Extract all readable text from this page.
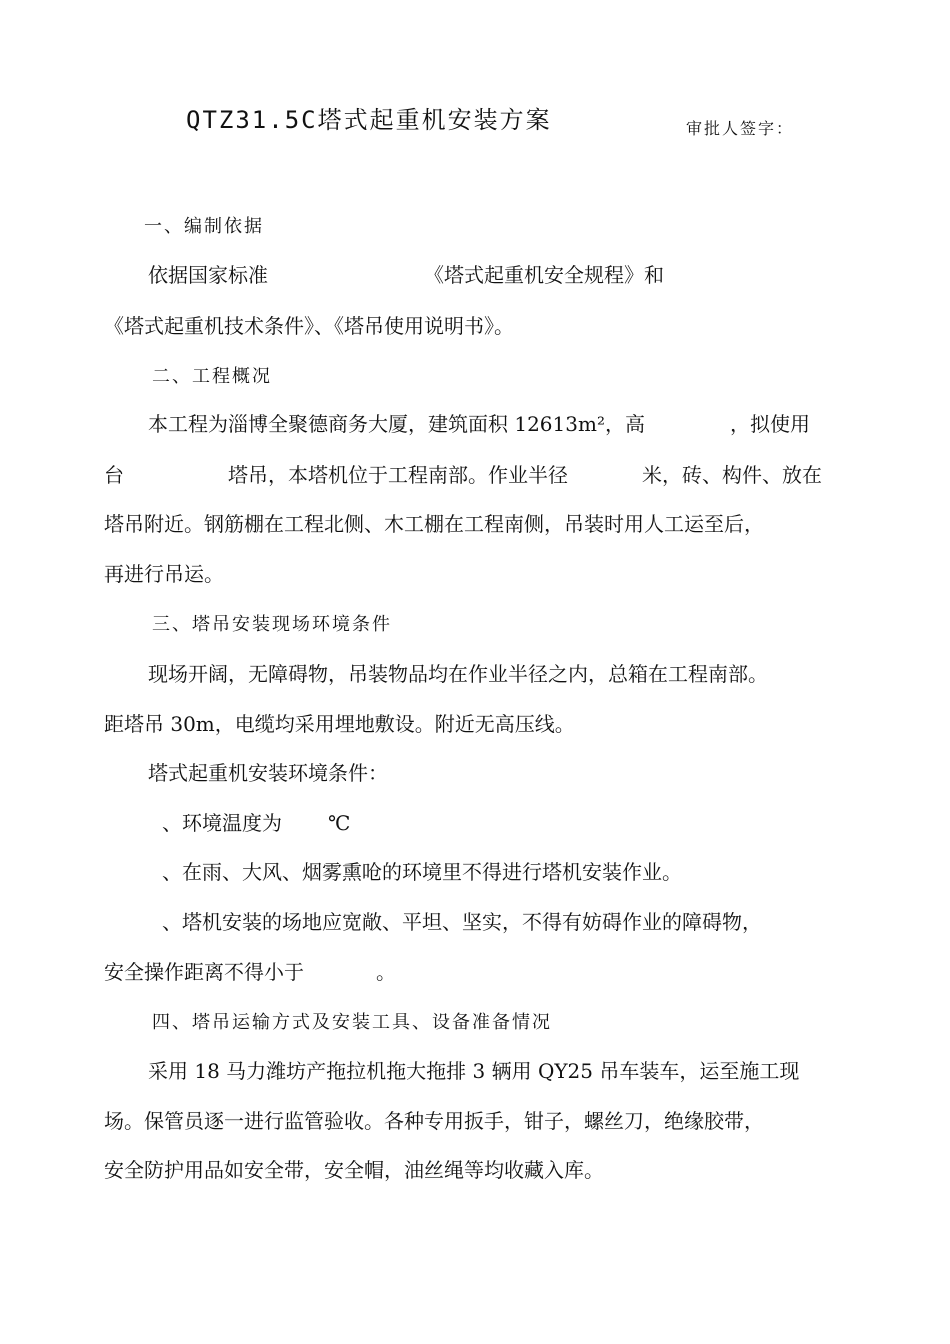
QTZ31.5C塔式起重机安装方案	审批人签字：
一、编制依据
依据国家标准	《塔式起重机安全规程》和
《塔式起重机技术条件》、《塔吊使用说明书》。
二、工程概况
本工程为淄博全聚德商务大厦，建筑面积 12613m²，高	，拟使用
台	塔吊，本塔机位于工程南部。作业半径	米，砖、构件、放在
塔吊附近。钢筋棚在工程北侧、木工棚在工程南侧，吊装时用人工运至后，
再进行吊运。
三、塔吊安装现场环境条件
现场开阔，无障碍物，吊装物品均在作业半径之内，总箱在工程南部。
距塔吊 30m，电缆均采用埋地敷设。附近无高压线。
塔式起重机安装环境条件：
、环境温度为 ℃
、在雨、大风、烟雾熏呛的环境里不得进行塔机安装作业。
、塔机安装的场地应宽敞、平坦、坚实，不得有妨碍作业的障碍物，
安全操作距离不得小于	。
四、塔吊运输方式及安装工具、设备准备情况
采用 18 马力潍坊产拖拉机拖大拖排 3 辆用 QY25 吊车装车，运至施工现
场。保管员逐一进行监管验收。各种专用扳手，钳子，螺丝刀，绝缘胶带，
安全防护用品如安全带，安全帽，油丝绳等均收藏入库。
